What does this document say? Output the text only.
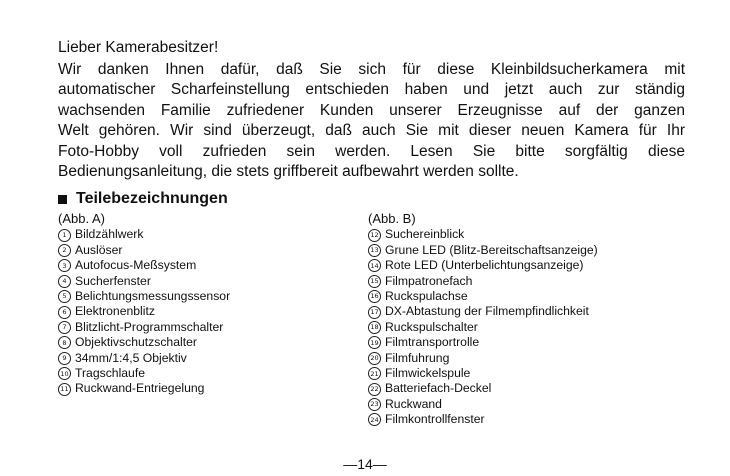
Lieber Kamerabesitzer!

Wir danken Ihnen dafür, daß Sie sich für diese Kleinbildsucherkamera mit
automatischer Scharfeinstellung entschieden haben und jetzt auch zur ständig
wachsenden Familie zufriedener Kunden unserer Erzeugnisse auf der ganzen
Welt gehören. Wir sind überzeugt, daß auch Sie mit dieser neuen Kamera für Ihr
Foto-Hobby voll zufrieden sein werden. Lesen Sie bitte sorgfältig diese
Bedienungsanleitung, die stets griffbereit aufbewahrt werden sollte.

Teilebezeichnungen
(Abb. A)
1 Bildzählwerk
2 Auslöser
3 Autofocus-Meßsystem
4 Sucherfenster
5 Belichtungsmessungssensor
6 Elektronenblitz
7 Blitzlicht-Programmschalter
8 Objektivschutzschalter
9 34mm/1:4,5 Objektiv
10 Tragschlaufe
11 Ruckwand-Entriegelung
(Abb. B)
12 Suchereinblick
13 Grune LED (Blitz-Bereitschaftsanzeige)
14 Rote LED (Unterbelichtungsanzeige)
15 Filmpatronefach
16 Ruckspulachse
17 DX-Abtastung der Filmempfindlichkeit
18 Ruckspulschalter
19 Filmtransportrolle
20 Filmfuhrung
21 Filmwickelspule
22 Batteriefach-Deckel
23 Ruckwand
24 Filmkontrollfenster
—14—
